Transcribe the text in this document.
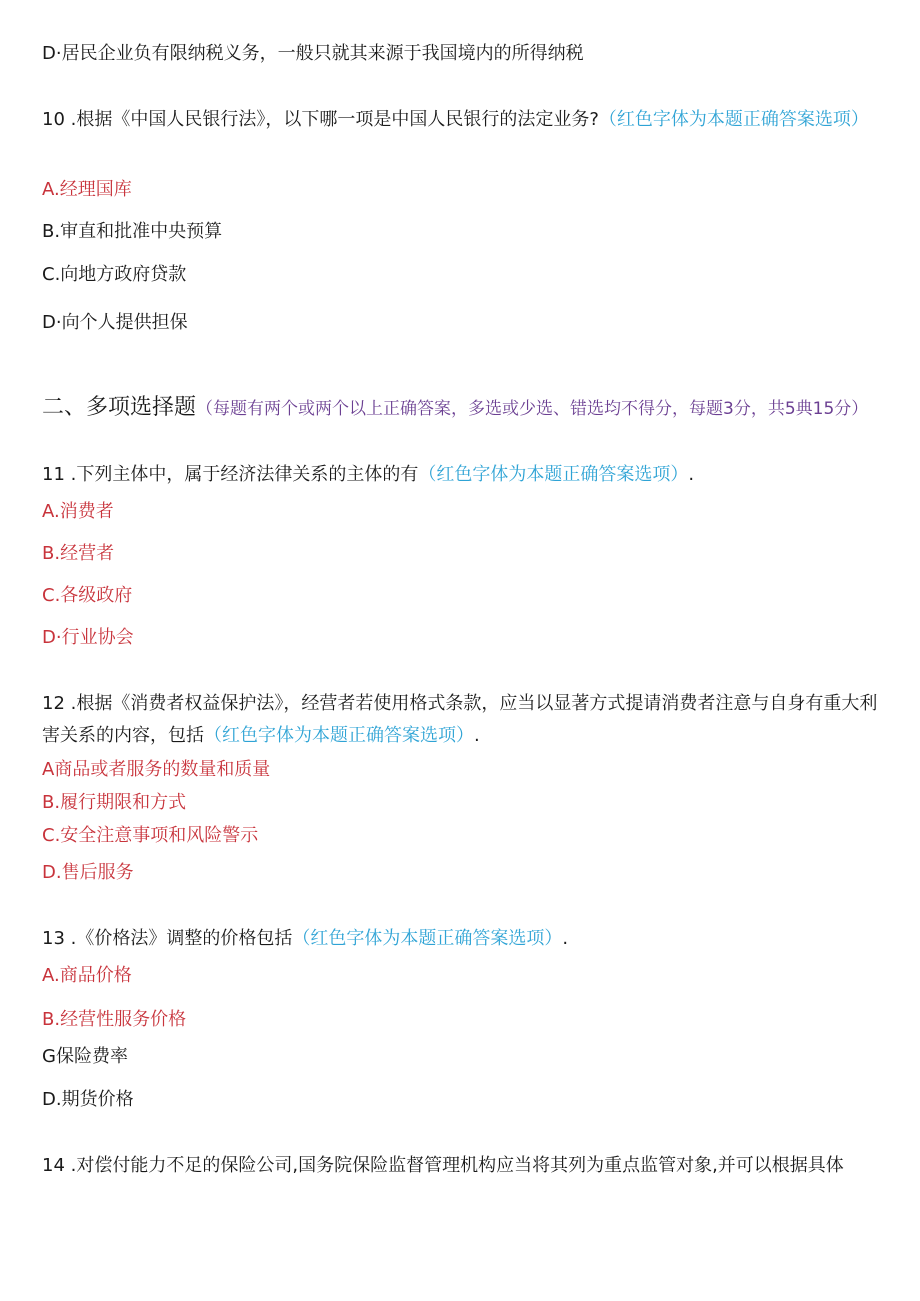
D·居民企业负有限纳税义务，一般只就其来源于我国境内的所得纳税
10 .根据《中国人民银行法》，以下哪一项是中国人民银行的法定业务?（红色字体为本题正确答案选项）
A.经理国库
B.审直和批准中央预算
C.向地方政府贷款
D·向个人提供担保
二、多项选择题（每题有两个或两个以上正确答案，多选或少选、错选均不得分，每题3分，共5典15分）
11 .下列主体中，属于经济法律关系的主体的有（红色字体为本题正确答案选项）.
A.消费者
B.经营者
C.各级政府
D·行业协会
12 .根据《消费者权益保护法》，经营者若使用格式条款，应当以显著方式提请消费者注意与自身有重大利害关系的内容，包括（红色字体为本题正确答案选项）.
A商品或者服务的数量和质量
B.履行期限和方式
C.安全注意事项和风险警示
D.售后服务
13 .《价格法》调整的价格包括（红色字体为本题正确答案选项）.
A.商品价格
B.经营性服务价格
G保险费率
D.期货价格
14 .对偿付能力不足的保险公司,国务院保险监督管理机构应当将其列为重点监管对象,并可以根据具体
